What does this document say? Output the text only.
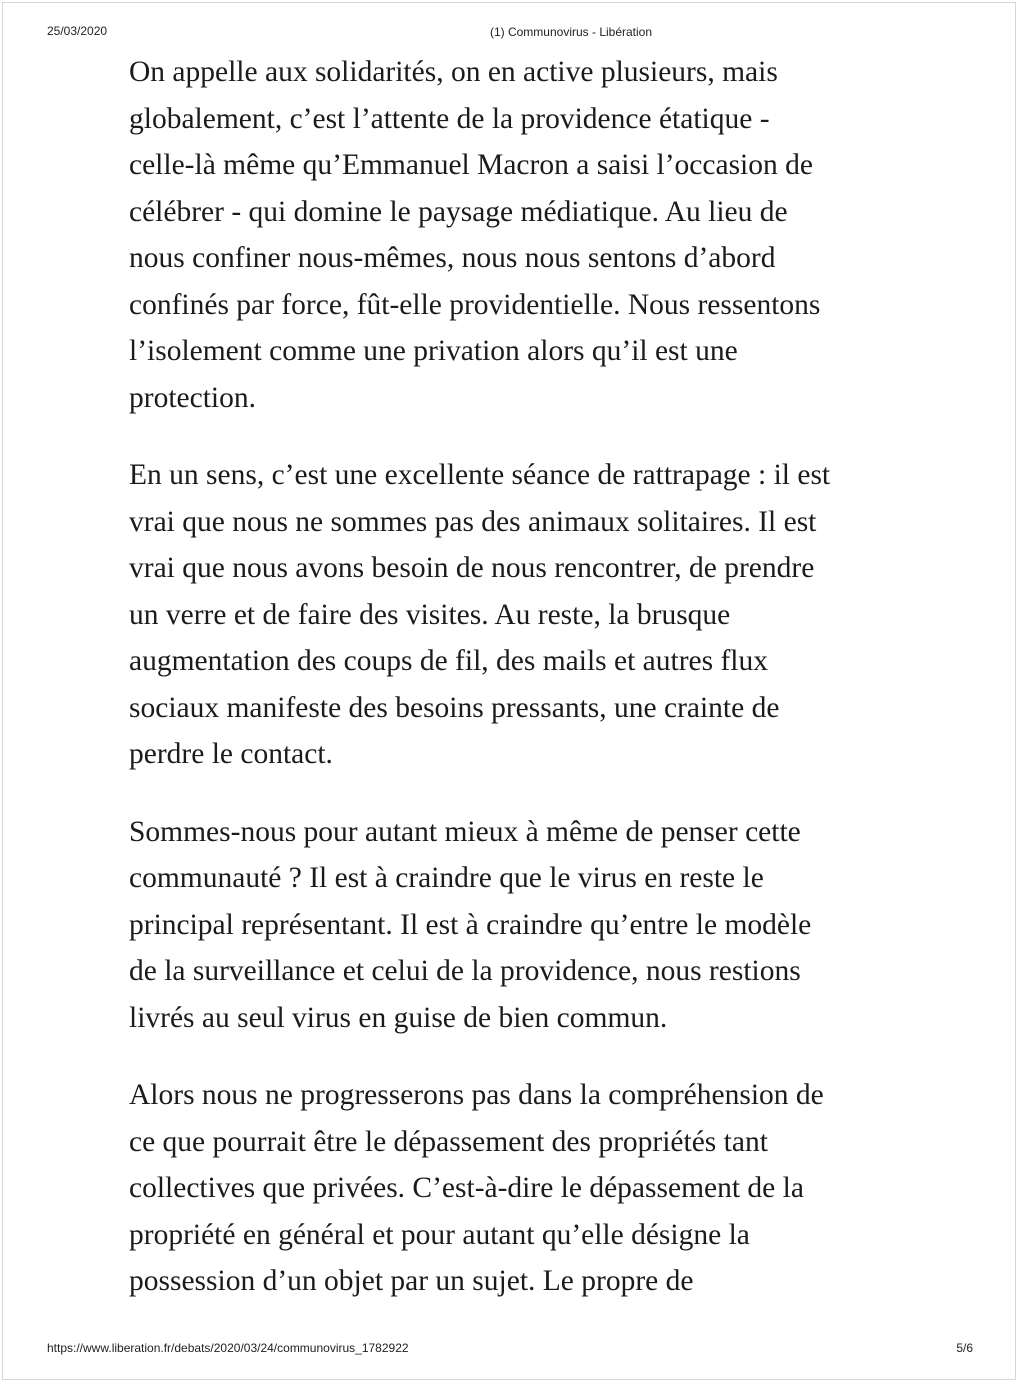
25/03/2020	(1) Communovirus - Libération

On appelle aux solidarités, on en active plusieurs, mais
globalement, c’est l’attente de la providence étatique -
celle-là même qu’Emmanuel Macron a saisi l’occasion de
célébrer - qui domine le paysage médiatique. Au lieu de
nous confiner nous-mêmes, nous nous sentons d’abord
confinés par force, fût-elle providentielle. Nous ressentons
l’isolement comme une privation alors qu’il est une
protection.

En un sens, c’est une excellente séance de rattrapage : il est
vrai que nous ne sommes pas des animaux solitaires. Il est
vrai que nous avons besoin de nous rencontrer, de prendre
un verre et de faire des visites. Au reste, la brusque
augmentation des coups de fil, des mails et autres flux
sociaux manifeste des besoins pressants, une crainte de
perdre le contact.

Sommes-nous pour autant mieux à même de penser cette
communauté ? Il est à craindre que le virus en reste le
principal représentant. Il est à craindre qu’entre le modèle
de la surveillance et celui de la providence, nous restions
livrés au seul virus en guise de bien commun.

Alors nous ne progresserons pas dans la compréhension de
ce que pourrait être le dépassement des propriétés tant
collectives que privées. C’est-à-dire le dépassement de la
propriété en général et pour autant qu’elle désigne la
possession d’un objet par un sujet. Le propre de

https://www.liberation.fr/debats/2020/03/24/communovirus_1782922	5/6
